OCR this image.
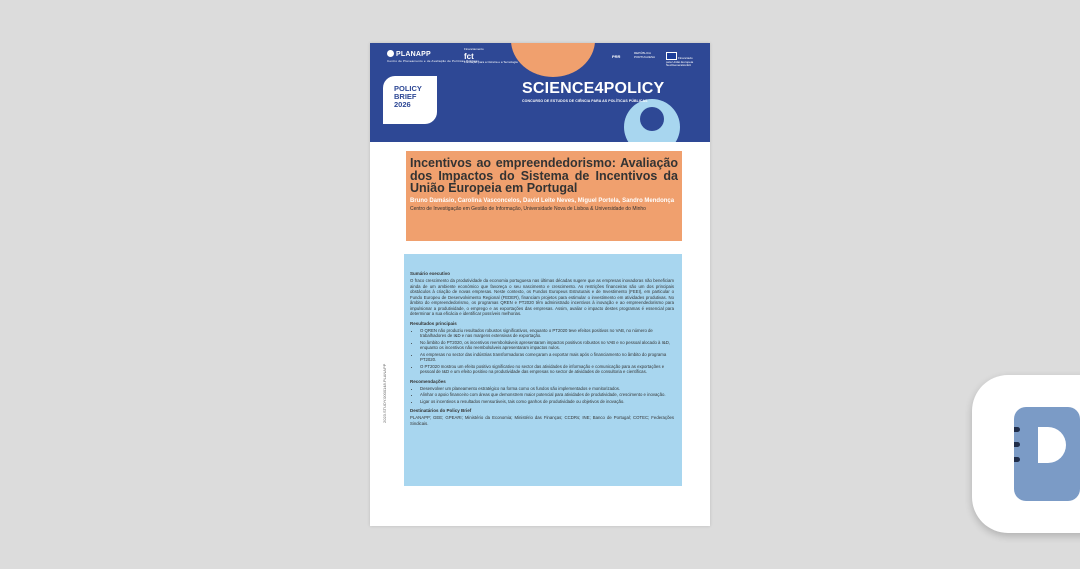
PLANAPP
Centro de Planeamento e de Avaliação de Políticas Públicas
Financiamento
fct
Fundação para a Ciência e a Tecnologia
PRR
REPÚBLICA PORTUGUESA	Financiado pela União Europeia NextGenerationEU
POLICY
BRIEF
2026
SCIENCE4POLICY
CONCURSO DE ESTUDOS DE CIÊNCIA PARA AS POLÍTICAS PÚBLICAS
Incentivos ao empreendedorismo: Avaliação dos Impactos do Sistema de Incentivos da União Europeia em Portugal

Bruno Damásio, Carolina Vasconcelos, David Leite Neves, Miguel Portela, Sandro Mendonça

Centro de Investigação em Gestão de Informação, Universidade Nova de Lisboa & Universidade do Minho

2023.STUDY.0000148.PLANAPP
Sumário executivo

O fraco crescimento da produtividade da economia portuguesa nas últimas décadas sugere que as empresas inovadoras não beneficiam ainda de um ambiente económico que favoreça o seu nascimento e crescimento. As restrições financeiras são um dos principais obstáculos à criação de novas empresas. Neste contexto, os Fundos Europeus Estruturais e de Investimento (FEEI), em particular o Fundo Europeu de Desenvolvimento Regional (FEDER), financiam projetos para estimular o investimento em atividades produtivas. No âmbito do empreendedorismo, os programas QREN e PT2020 têm administrado incentivos à inovação e ao empreendedorismo para impulsionar a produtividade, o emprego e as exportações das empresas. Assim, avaliar o impacto destes programas é essencial para determinar a sua eficácia e identificar possíveis melhorias.

Resultados principais
• O QREN não produziu resultados robustos significativos, enquanto o PT2020 teve efeitos positivos no VAB, no número de trabalhadores de I&D e nas margens extensivas de exportação.
• No âmbito do PT2020, os incentivos reembolsáveis apresentaram impactos positivos robustos no VAB e no pessoal alocado à I&D, enquanto os incentivos não reembolsáveis apresentaram impactos nulos.
• As empresas no sector das indústrias transformadoras começaram a exportar mais após o financiamento no âmbito do programa PT2020.
• O PT2020 mostrou um efeito positivo significativo no sector das atividades de informação e comunicação para as exportações e pessoal de I&D e um efeito positivo na produtividade das empresas no sector de atividades de consultoria e científicas.
Recomendações
• Desenvolver um planeamento estratégico na forma como os fundos são implementados e monitorizados.
• Alinhar o apoio financeiro com áreas que demonstrem maior potencial para atividades de produtividade, crescimento e inovação.
• Ligar os incentivos a resultados mensuráveis, tais como ganhos de produtividade ou objetivos de inovação.
Destinatários do Policy Brief

PLANAPP; GEE; GPEARI; Ministério da Economia; Ministério das Finanças; CCDRs; INE; Banco de Portugal; COTEC; Federações Sindicais.
